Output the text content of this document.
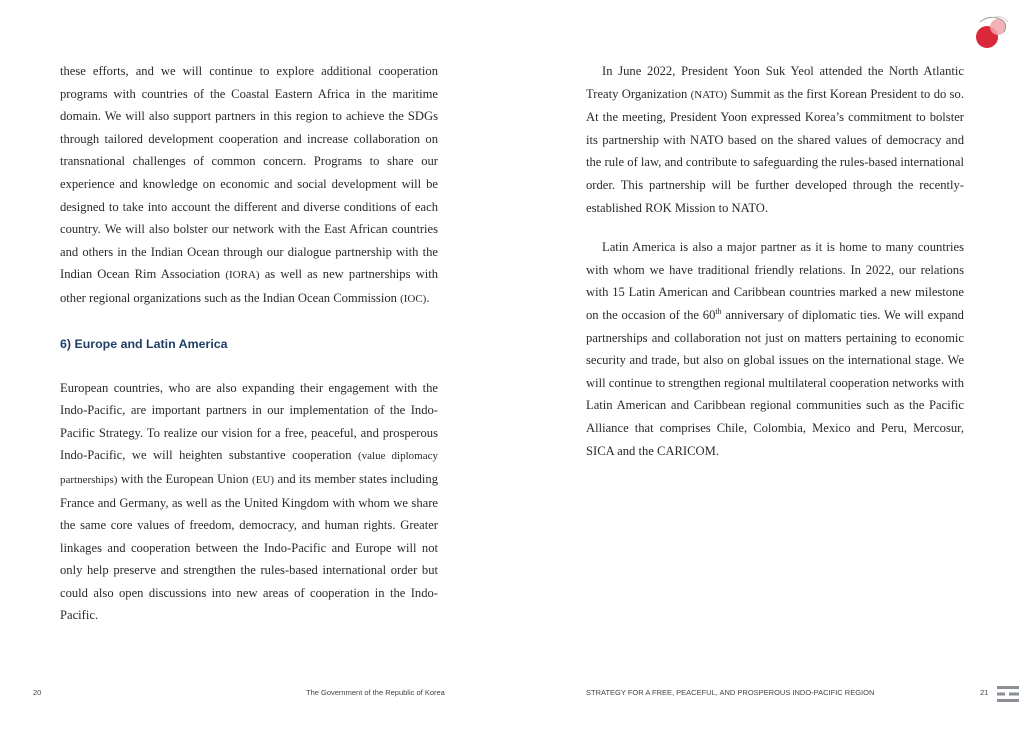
these efforts, and we will continue to explore additional cooperation programs with countries of the Coastal Eastern Africa in the maritime domain. We will also support partners in this region to achieve the SDGs through tailored development cooperation and increase collaboration on transnational challenges of common concern. Programs to share our experience and knowledge on economic and social development will be designed to take into account the different and diverse conditions of each country. We will also bolster our network with the East African countries and others in the Indian Ocean through our dialogue partnership with the Indian Ocean Rim Association (IORA) as well as new partnerships with other regional organizations such as the Indian Ocean Commission (IOC).

6) Europe and Latin America

European countries, who are also expanding their engagement with the Indo-Pacific, are important partners in our implementation of the Indo-Pacific Strategy. To realize our vision for a free, peaceful, and prosperous Indo-Pacific, we will heighten substantive cooperation (value diplomacy partnerships) with the European Union (EU) and its member states including France and Germany, as well as the United Kingdom with whom we share the same core values of freedom, democracy, and human rights. Greater linkages and cooperation between the Indo-Pacific and Europe will not only help preserve and strengthen the rules-based international order but could also open discussions into new areas of cooperation in the Indo-Pacific.

In June 2022, President Yoon Suk Yeol attended the North Atlantic Treaty Organization (NATO) Summit as the first Korean President to do so. At the meeting, President Yoon expressed Korea’s commitment to bolster its partnership with NATO based on the shared values of democracy and the rule of law, and contribute to safeguarding the rules-based international order. This partnership will be further developed through the recently-established ROK Mission to NATO.

Latin America is also a major partner as it is home to many countries with whom we have traditional friendly relations. In 2022, our relations with 15 Latin American and Caribbean countries marked a new milestone on the occasion of the 60th anniversary of diplomatic ties. We will expand partnerships and collaboration not just on matters pertaining to economic security and trade, but also on global issues on the international stage. We will continue to strengthen regional multilateral cooperation networks with Latin American and Caribbean regional communities such as the Pacific Alliance that comprises Chile, Colombia, Mexico and Peru, Mercosur, SICA and the CARICOM.

20	The Government of the Republic of Korea	STRATEGY FOR A FREE, PEACEFUL, AND PROSPEROUS INDO-PACIFIC REGION	21
